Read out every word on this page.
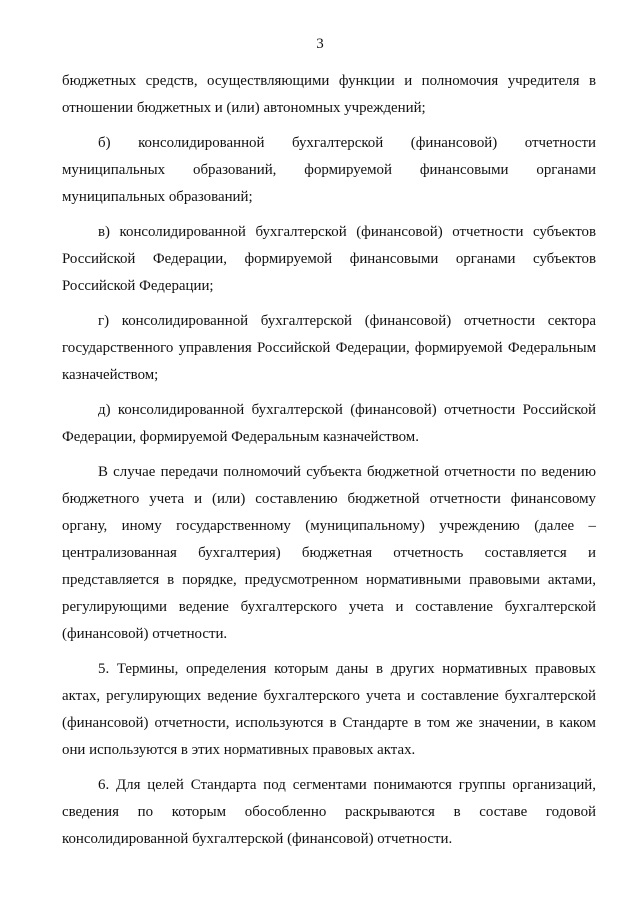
3

бюджетных средств, осуществляющими функции и полномочия учредителя в отношении бюджетных и (или) автономных учреждений;

б) консолидированной бухгалтерской (финансовой) отчетности муниципальных образований, формируемой финансовыми органами муниципальных образований;

в) консолидированной бухгалтерской (финансовой) отчетности субъектов Российской Федерации, формируемой финансовыми органами субъектов Российской Федерации;

г) консолидированной бухгалтерской (финансовой) отчетности сектора государственного управления Российской Федерации, формируемой Федеральным казначейством;

д) консолидированной бухгалтерской (финансовой) отчетности Российской Федерации, формируемой Федеральным казначейством.

В случае передачи полномочий субъекта бюджетной отчетности по ведению бюджетного учета и (или) составлению бюджетной отчетности финансовому органу, иному государственному (муниципальному) учреждению (далее – централизованная бухгалтерия) бюджетная отчетность составляется и представляется в порядке, предусмотренном нормативными правовыми актами, регулирующими ведение бухгалтерского учета и составление бухгалтерской (финансовой) отчетности.

5. Термины, определения которым даны в других нормативных правовых актах, регулирующих ведение бухгалтерского учета и составление бухгалтерской (финансовой) отчетности, используются в Стандарте в том же значении, в каком они используются в этих нормативных правовых актах.

6. Для целей Стандарта под сегментами понимаются группы организаций, сведения по которым обособленно раскрываются в составе годовой консолидированной бухгалтерской (финансовой) отчетности.
